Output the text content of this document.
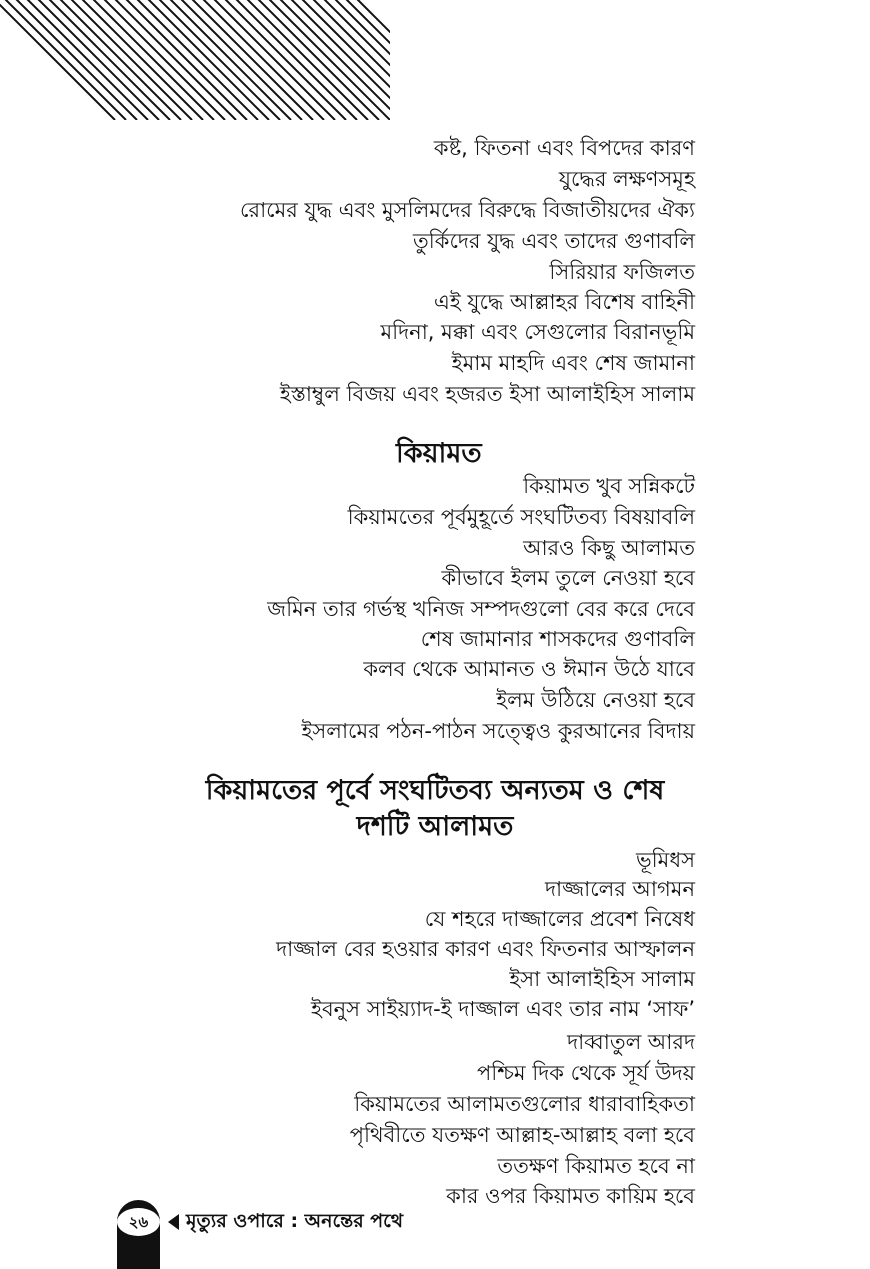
কষ্ট, ফিতনা এবং বিপদের কারণ

যুদ্ধের লক্ষণসমূহ

রোমের যুদ্ধ এবং মুসলিমদের বিরুদ্ধে বিজাতীয়দের ঐক্য

তুর্কিদের যুদ্ধ এবং তাদের গুণাবলি

সিরিয়ার ফজিলত

এই যুদ্ধে আল্লাহর বিশেষ বাহিনী

মদিনা, মক্কা এবং সেগুলোর বিরানভূমি

ইমাম মাহদি এবং শেষ জামানা

ইস্তাম্বুল বিজয় এবং হজরত ইসা আলাইহিস সালাম

কিয়ামত

কিয়ামত খুব সন্নিকটে

কিয়ামতের পূর্বমুহূর্তে সংঘটিতব্য বিষয়াবলি

আরও কিছু আলামত

কীভাবে ইলম তুলে নেওয়া হবে

জমিন তার গর্ভস্থ খনিজ সম্পদগুলো বের করে দেবে

শেষ জামানার শাসকদের গুণাবলি

কলব থেকে আমানত ও ঈমান উঠে যাবে

ইলম উঠিয়ে নেওয়া হবে

ইসলামের পঠন-পাঠন সত্ত্বেও কুরআনের বিদায়

কিয়ামতের পূর্বে সংঘটিতব্য অন্যতম ও শেষ
দশটি আলামত

ভূমিধস

দাজ্জালের আগমন

যে শহরে দাজ্জালের প্রবেশ নিষেধ

দাজ্জাল বের হওয়ার কারণ এবং ফিতনার আস্ফালন

ইসা আলাইহিস সালাম

ইবনুস সাইয়্যাদ-ই দাজ্জাল এবং তার নাম ‘সাফ’

দাব্বাতুল আরদ

পশ্চিম দিক থেকে সূর্য উদয়

কিয়ামতের আলামতগুলোর ধারাবাহিকতা

পৃথিবীতে যতক্ষণ আল্লাহ-আল্লাহ বলা হবে

ততক্ষণ কিয়ামত হবে না

কার ওপর কিয়ামত কায়িম হবে

২৬	মৃত্যুর ওপারে : অনন্তের পথে
